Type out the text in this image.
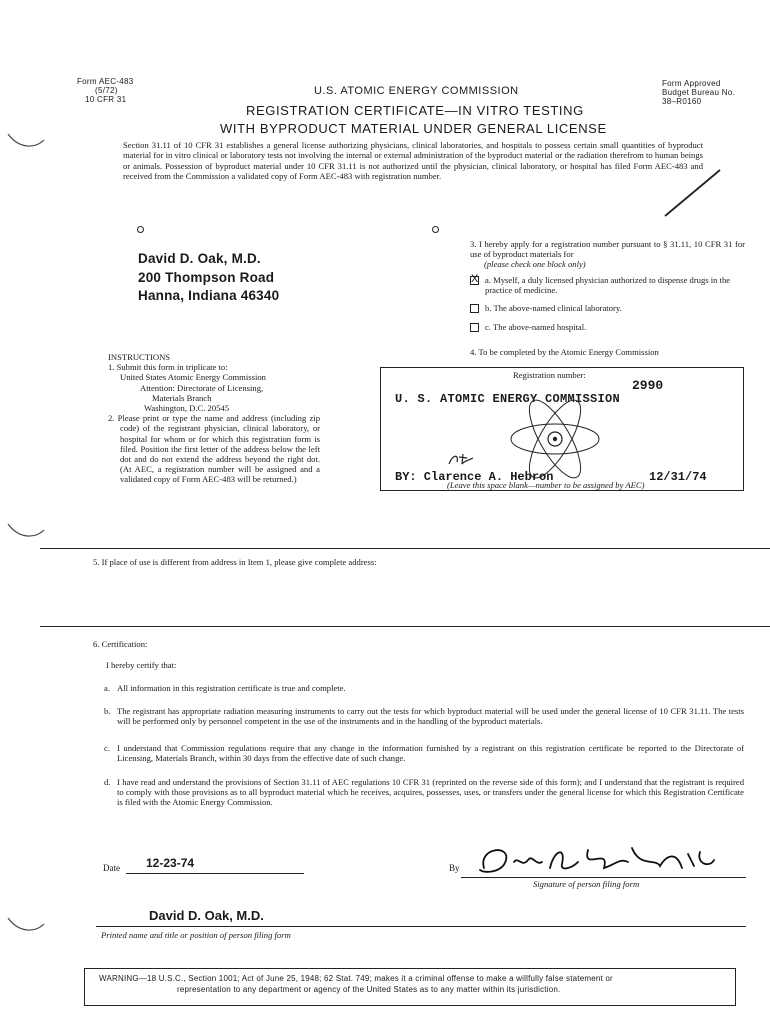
Form AEC-483
(5/72)
10 CFR 31
Form Approved
Budget Bureau No.
38–R0160
U.S. ATOMIC ENERGY COMMISSION
REGISTRATION CERTIFICATE—IN VITRO TESTING
WITH BYPRODUCT MATERIAL UNDER GENERAL LICENSE
Section 31.11 of 10 CFR 31 establishes a general license authorizing physicians, clinical laboratories, and hospitals to possess certain small quantities of byproduct material for in vitro clinical or laboratory tests not involving the internal or external administration of the byproduct material or the radiation therefrom to human beings or animals. Possession of byproduct material under 10 CFR 31.11 is not authorized until the physician, clinical laboratory, or hospital has filed Form AEC-483 and received from the Commission a validated copy of Form AEC-483 with registration number.
David D. Oak, M.D.
200 Thompson Road
Hanna, Indiana 46340
3. I hereby apply for a registration number pursuant to § 31.11, 10 CFR 31 for use of byproduct materials for
(please check one block only)
X
a. Myself, a duly licensed physician authorized to dispense drugs in the practice of medicine.
b. The above-named clinical laboratory.
c. The above-named hospital.
4. To be completed by the Atomic Energy Commission
INSTRUCTIONS
1. Submit this form in triplicate to:
United States Atomic Energy Commission
Attention: Directorate of Licensing,
Materials Branch
Washington, D.C. 20545
2. Please print or type the name and address (including zip code) of the registrant physician, clinical laboratory, or hospital for whom or for which this registration form is filed. Position the first letter of the address below the left dot and do not extend the address beyond the right dot. (At AEC, a registration number will be assigned and a validated copy of Form AEC-483 will be returned.)
Registration number:
2990
U. S. ATOMIC ENERGY COMMISSION
BY: Clarence A. Hebron	12/31/74
(Leave this space blank—number to be assigned by AEC)
5. If place of use is different from address in Item 1, please give complete address:
6. Certification:
I hereby certify that:
a. All information in this registration certificate is true and complete.
b. The registrant has appropriate radiation measuring instruments to carry out the tests for which byproduct material will be used under the general license of 10 CFR 31.11. The tests will be performed only by personnel competent in the use of the instruments and in the handling of the byproduct materials.
c. I understand that Commission regulations require that any change in the information furnished by a registrant on this registration certificate be reported to the Directorate of Licensing, Materials Branch, within 30 days from the effective date of such change.
d. I have read and understand the provisions of Section 31.11 of AEC regulations 10 CFR 31 (reprinted on the reverse side of this form); and I understand that the registrant is required to comply with those provisions as to all byproduct material which he receives, acquires, possesses, uses, or transfers under the general license for which this Registration Certificate is filed with the Atomic Energy Commission.
Date 12-23-74	By
Signature of person filing form
David D. Oak, M.D.
Printed name and title or position of person filing form
WARNING—18 U.S.C., Section 1001; Act of June 25, 1948; 62 Stat. 749; makes it a criminal offense to make a willfully false statement or
representation to any department or agency of the United States as to any matter within its jurisdiction.
